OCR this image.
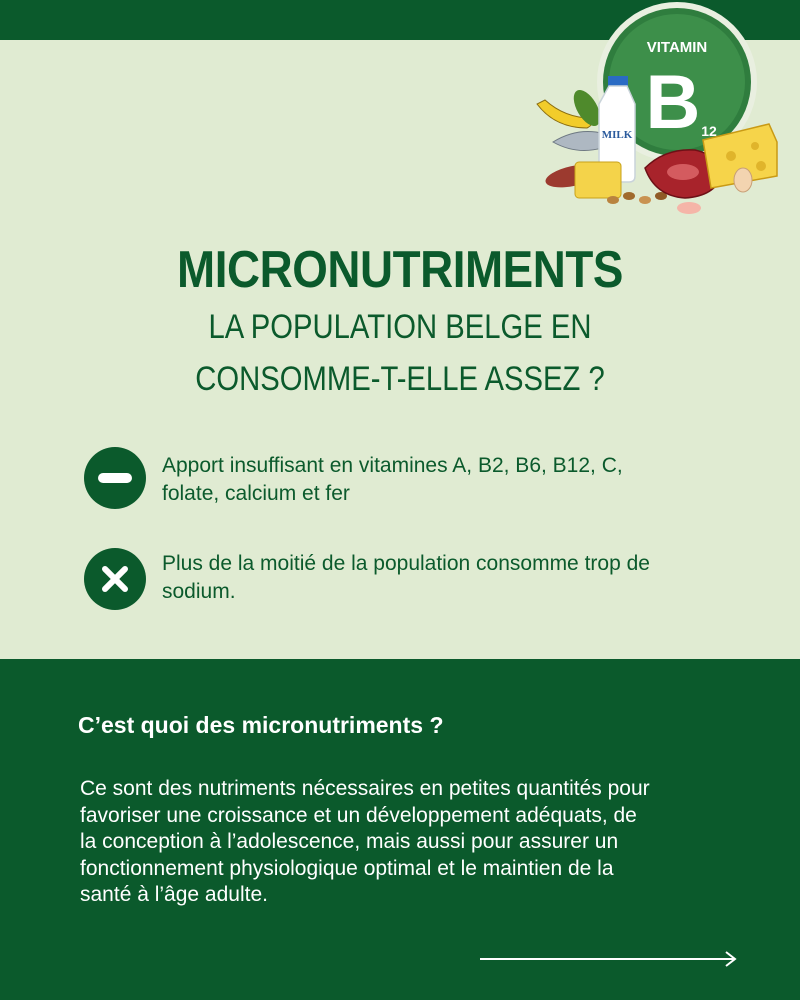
VITAMIN
B 12
MILK
MICRONUTRIMENTS
LA POPULATION BELGE EN
CONSOMME-T-ELLE ASSEZ ?
Apport insuffisant en vitamines A, B2, B6, B12, C,
folate, calcium et fer
Plus de la moitié de la population consomme trop de
sodium.
C’est quoi des micronutriments ?
Ce sont des nutriments nécessaires en petites quantités pour
favoriser une croissance et un développement adéquats, de
la conception à l’adolescence, mais aussi pour assurer un
fonctionnement physiologique optimal et le maintien de la
santé à l’âge adulte.
